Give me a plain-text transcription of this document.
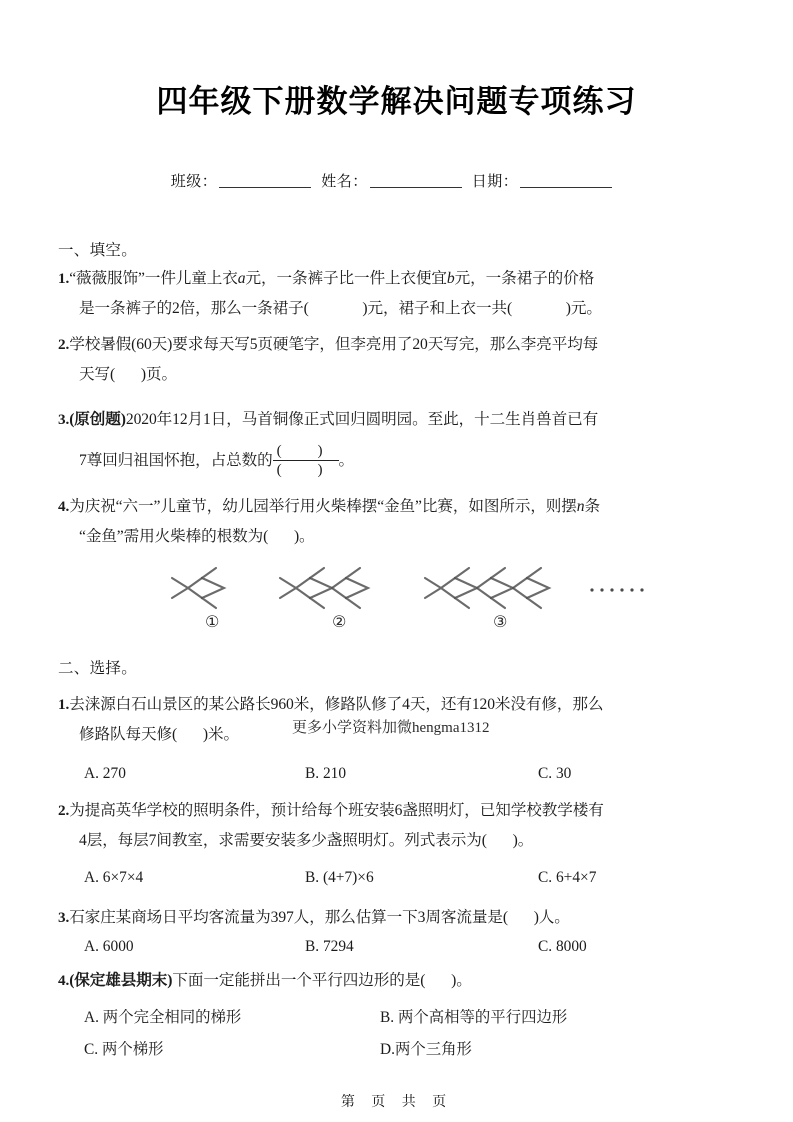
四年级下册数学解决问题专项练习
班级：	姓名：	日期：
一、填空。
1.“薇薇服饰”一件儿童上衣a元，一条裤子比一件上衣便宜b元，一条裙子的价格
是一条裤子的2倍，那么一条裙子(	)元，裙子和上衣一共(	)元。
2.学校暑假(60天)要求每天写5页硬笔字，但李亮用了20天写完，那么李亮平均每
天写( )页。
3.(原创题)2020年12月1日，马首铜像正式回归圆明园。至此，十二生肖兽首已有
7尊回归祖国怀抱，占总数的 $\frac{( )}{( )}$ 。
4.为庆祝“六一”儿童节，幼儿园举行用火柴棒摆“金鱼”比赛，如图所示，则摆n条
“金鱼”需用火柴棒的根数为( )。
①	②	③
二、选择。
1.去涞源白石山景区的某公路长960米，修路队修了4天，还有120米没有修，那么
修路队每天修( )米。	更多小学资料加微hengma1312
A. 270	B. 210	C. 30
2.为提高英华学校的照明条件，预计给每个班安装6盏照明灯，已知学校教学楼有
4层，每层7间教室，求需要安装多少盏照明灯。列式表示为( )。
A. 6×7×4	B. (4+7)×6	C. 6+4×7
3.石家庄某商场日平均客流量为397人，那么估算一下3周客流量是( )人。
A. 6000	B. 7294	C. 8000
4.(保定雄县期末)下面一定能拼出一个平行四边形的是( )。
A. 两个完全相同的梯形	B. 两个高相等的平行四边形
C. 两个梯形	D.两个三角形
第 页 共 页
